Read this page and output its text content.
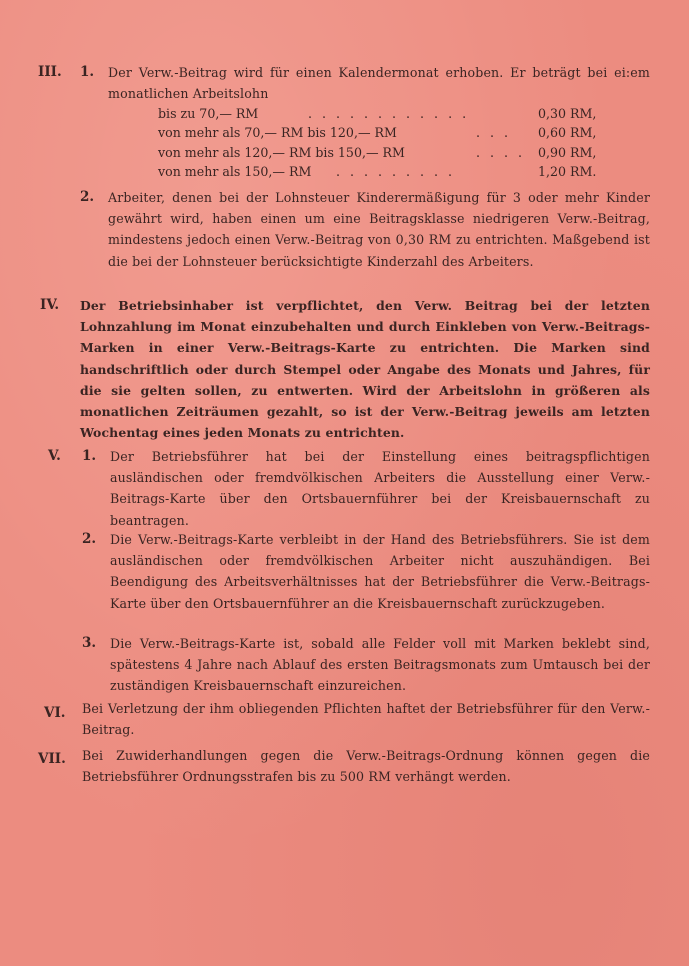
III. 1. Der Verw.-Beitrag wird für einen Kalendermonat erhoben. Er beträgt bei ei:em monatlichen Arbeitslohn
bis zu 70,— RM	. . . . . . . . . . . .	0,30 RM,
von mehr als 70,— RM bis 120,— RM	. . . 0,60 RM,
von mehr als 120,— RM bis 150,— RM	. . . . 0,90 RM,
von mehr als 150,— RM . . . . . . . . .	1,20 RM.
2. Arbeiter, denen bei der Lohnsteuer Kinderermäßigung für 3 oder mehr Kinder gewährt wird, haben einen um eine Beitragsklasse niedrigeren Verw.-Beitrag, mindestens jedoch einen Verw.-Beitrag von 0,30 RM zu entrichten. Maßgebend ist die bei der Lohnsteuer berücksichtigte Kinderzahl des Arbeiters.
IV. Der Betriebsinhaber ist verpflichtet, den Verw. Beitrag bei der letzten Lohnzahlung im Monat einzubehalten und durch Einkleben von Verw.-Beitrags-Marken in einer Verw.-Beitrags-Karte zu entrichten. Die Marken sind handschriftlich oder durch Stempel oder Angabe des Monats und Jahres, für die sie gelten sollen, zu entwerten. Wird der Arbeitslohn in größeren als monatlichen Zeiträumen gezahlt, so ist der Verw.-Beitrag jeweils am letzten Wochentag eines jeden Monats zu entrichten.
V. 1. Der Betriebsführer hat bei der Einstellung eines beitragspflichtigen ausländischen oder fremdvölkischen Arbeiters die Ausstellung einer Verw.-Beitrags-Karte über den Ortsbauernführer bei der Kreisbauernschaft zu beantragen.
2. Die Verw.-Beitrags-Karte verbleibt in der Hand des Betriebsführers. Sie ist dem ausländischen oder fremdvölkischen Arbeiter nicht auszuhändigen. Bei Beendigung des Arbeitsverhältnisses hat der Betriebsführer die Verw.-Beitrags-Karte über den Ortsbauernführer an die Kreisbauernschaft zurückzugeben.
3. Die Verw.-Beitrags-Karte ist, sobald alle Felder voll mit Marken beklebt sind, spätestens 4 Jahre nach Ablauf des ersten Beitragsmonats zum Umtausch bei der zuständigen Kreisbauernschaft einzureichen.
VI. Bei Verletzung der ihm obliegenden Pflichten haftet der Betriebsführer für den Verw.-Beitrag.
VII. Bei Zuwiderhandlungen gegen die Verw.-Beitrags-Ordnung können gegen die Betriebsführer Ordnungsstrafen bis zu 500 RM verhängt werden.
